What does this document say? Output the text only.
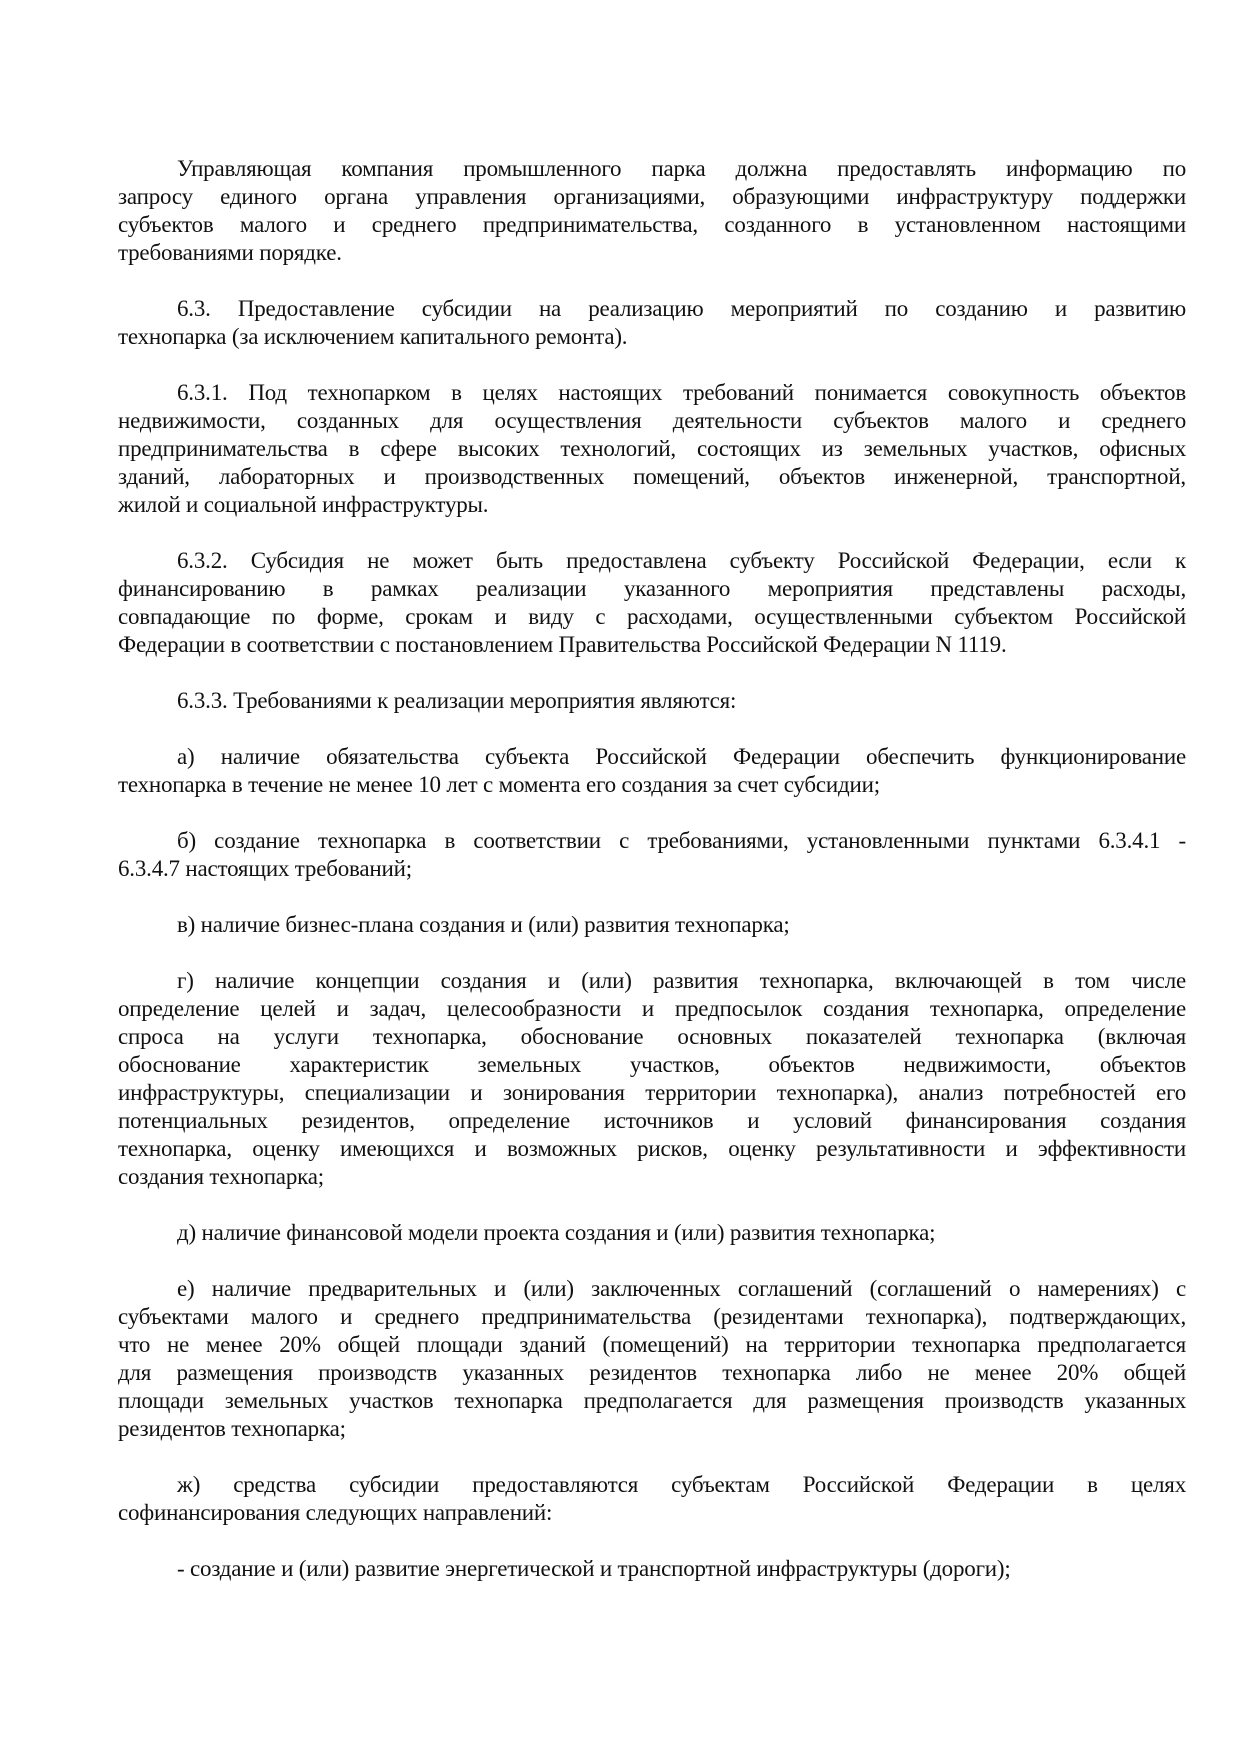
Управляющая компания промышленного парка должна предоставлять информацию по
запросу единого органа управления организациями, образующими инфраструктуру поддержки
субъектов малого и среднего предпринимательства, созданного в установленном настоящими
требованиями порядке.
6.3. Предоставление субсидии на реализацию мероприятий по созданию и развитию
технопарка (за исключением капитального ремонта).
6.3.1. Под технопарком в целях настоящих требований понимается совокупность объектов
недвижимости, созданных для осуществления деятельности субъектов малого и среднего
предпринимательства в сфере высоких технологий, состоящих из земельных участков, офисных
зданий, лабораторных и производственных помещений, объектов инженерной, транспортной,
жилой и социальной инфраструктуры.
6.3.2. Субсидия не может быть предоставлена субъекту Российской Федерации, если к
финансированию в рамках реализации указанного мероприятия представлены расходы,
совпадающие по форме, срокам и виду с расходами, осуществленными субъектом Российской
Федерации в соответствии с постановлением Правительства Российской Федерации N 1119.
6.3.3. Требованиями к реализации мероприятия являются:
а) наличие обязательства субъекта Российской Федерации обеспечить функционирование
технопарка в течение не менее 10 лет с момента его создания за счет субсидии;
б) создание технопарка в соответствии с требованиями, установленными пунктами 6.3.4.1 -
6.3.4.7 настоящих требований;
в) наличие бизнес-плана создания и (или) развития технопарка;
г) наличие концепции создания и (или) развития технопарка, включающей в том числе
определение целей и задач, целесообразности и предпосылок создания технопарка, определение
спроса на услуги технопарка, обоснование основных показателей технопарка (включая
обоснование характеристик земельных участков, объектов недвижимости, объектов
инфраструктуры, специализации и зонирования территории технопарка), анализ потребностей его
потенциальных резидентов, определение источников и условий финансирования создания
технопарка, оценку имеющихся и возможных рисков, оценку результативности и эффективности
создания технопарка;
д) наличие финансовой модели проекта создания и (или) развития технопарка;
е) наличие предварительных и (или) заключенных соглашений (соглашений о намерениях) с
субъектами малого и среднего предпринимательства (резидентами технопарка), подтверждающих,
что не менее 20% общей площади зданий (помещений) на территории технопарка предполагается
для размещения производств указанных резидентов технопарка либо не менее 20% общей
площади земельных участков технопарка предполагается для размещения производств указанных
резидентов технопарка;
ж) средства субсидии предоставляются субъектам Российской Федерации в целях
софинансирования следующих направлений:
- создание и (или) развитие энергетической и транспортной инфраструктуры (дороги);
